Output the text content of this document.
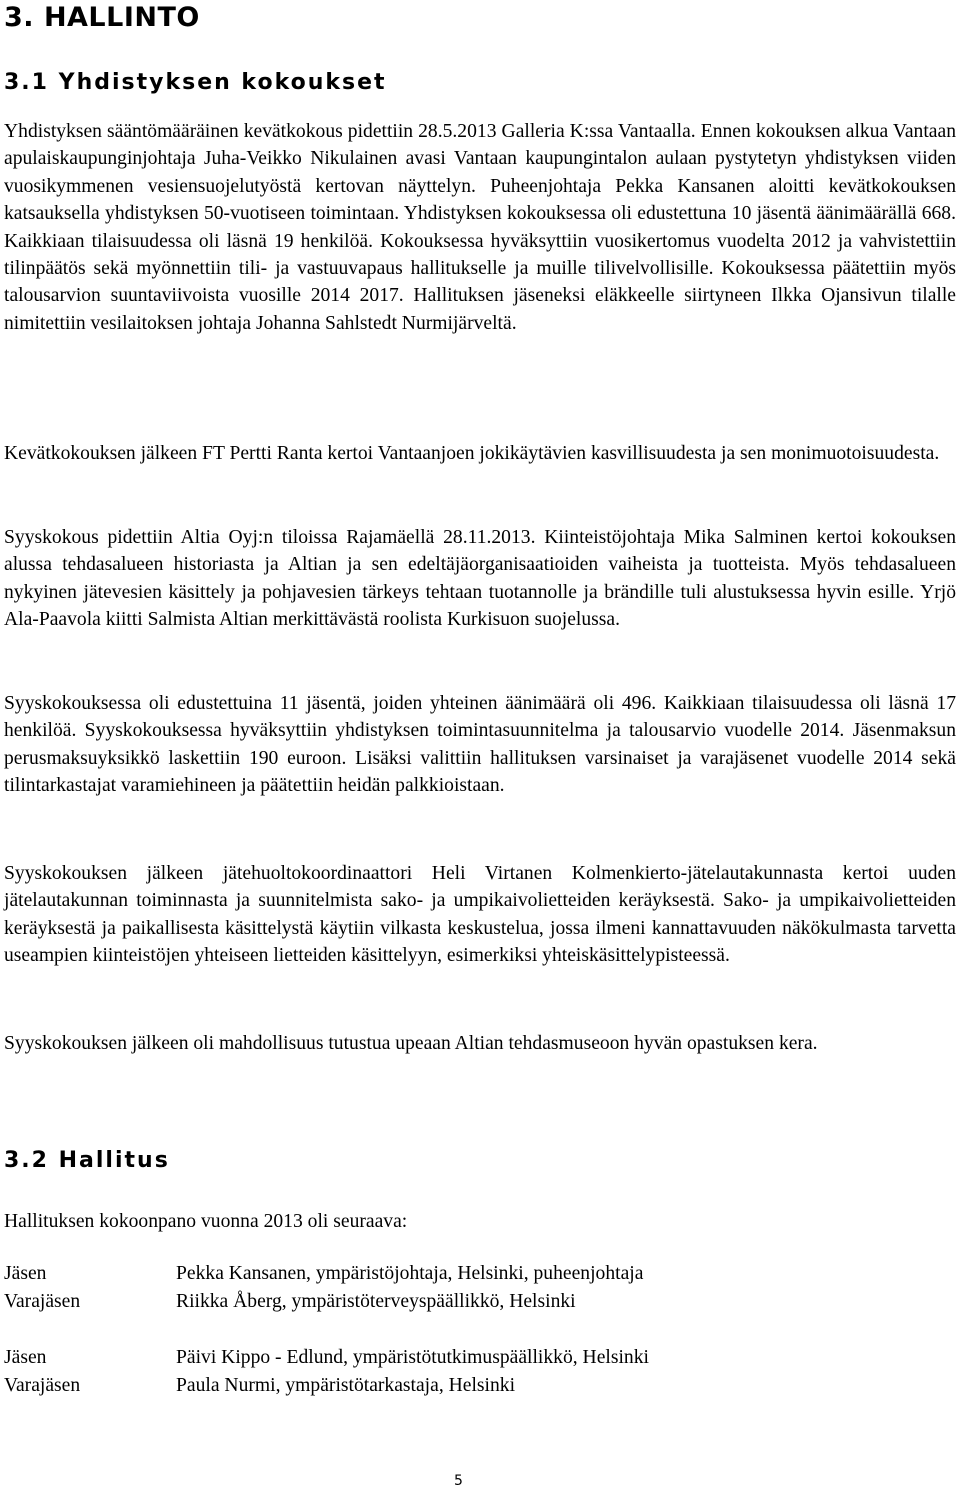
3. HALLINTO
3.1 Yhdistyksen kokoukset

Yhdistyksen sääntömääräinen kevätkokous pidettiin 28.5.2013 Galleria K:ssa Vantaalla. Ennen kokouksen alkua Vantaan apulaiskaupunginjohtaja Juha-Veikko Nikulainen avasi Vantaan kaupungintalon aulaan pystytetyn yhdistyksen viiden vuosikymmenen vesiensuojelutyöstä kertovan näyttelyn. Puheenjohtaja Pekka Kansanen aloitti kevätkokouksen katsauksella yhdistyksen 50-vuotiseen toimintaan. Yhdistyksen kokouksessa oli edustettuna 10 jäsentä äänimäärällä 668. Kaikkiaan tilaisuudessa oli läsnä 19 henkilöä. Kokouksessa hyväksyttiin vuosikertomus vuodelta 2012 ja vahvistettiin tilinpäätös sekä myönnettiin tili- ja vastuuvapaus hallitukselle ja muille tilivelvollisille. Kokouksessa päätettiin myös talousarvion suuntaviivoista vuosille 2014 2017. Hallituksen jäseneksi eläkkeelle siirtyneen Ilkka Ojansivun tilalle nimitettiin vesilaitoksen johtaja Johanna Sahlstedt Nurmijärveltä.

Kevätkokouksen jälkeen FT Pertti Ranta kertoi Vantaanjoen jokikäytävien kasvillisuudesta ja sen monimuotoisuudesta.

Syyskokous pidettiin Altia Oyj:n tiloissa Rajamäellä 28.11.2013. Kiinteistöjohtaja Mika Salminen kertoi kokouksen alussa tehdasalueen historiasta ja Altian ja sen edeltäjäorganisaatioiden vaiheista ja tuotteista. Myös tehdasalueen nykyinen jätevesien käsittely ja pohjavesien tärkeys tehtaan tuotannolle ja brändille tuli alustuksessa hyvin esille. Yrjö Ala-Paavola kiitti Salmista Altian merkittävästä roolista Kurkisuon suojelussa.

Syyskokouksessa oli edustettuina 11 jäsentä, joiden yhteinen äänimäärä oli 496. Kaikkiaan tilaisuudessa oli läsnä 17 henkilöä. Syyskokouksessa hyväksyttiin yhdistyksen toimintasuunnitelma ja talousarvio vuodelle 2014. Jäsenmaksun perusmaksuyksikkö laskettiin 190 euroon. Lisäksi valittiin hallituksen varsinaiset ja varajäsenet vuodelle 2014 sekä tilintarkastajat varamiehineen ja päätettiin heidän palkkioistaan.

Syyskokouksen jälkeen jätehuoltokoordinaattori Heli Virtanen Kolmenkierto-jätelautakunnasta kertoi uuden jätelautakunnan toiminnasta ja suunnitelmista sako- ja umpikaivolietteiden keräyksestä. Sako- ja umpikaivolietteiden keräyksestä ja paikallisesta käsittelystä käytiin vilkasta keskustelua, jossa ilmeni kannattavuuden näkökulmasta tarvetta useampien kiinteistöjen yhteiseen lietteiden käsittelyyn, esimerkiksi yhteiskäsittelypisteessä.

Syyskokouksen jälkeen oli mahdollisuus tutustua upeaan Altian tehdasmuseoon hyvän opastuksen kera.

3.2 Hallitus

Hallituksen kokoonpano vuonna 2013 oli seuraava:

Jäsen	Pekka Kansanen, ympäristöjohtaja, Helsinki, puheenjohtaja
Varajäsen	Riikka Åberg, ympäristöterveyspäällikkö, Helsinki
Jäsen	Päivi Kippo - Edlund, ympäristötutkimuspäällikkö, Helsinki
Varajäsen	Paula Nurmi, ympäristötarkastaja, Helsinki
5
